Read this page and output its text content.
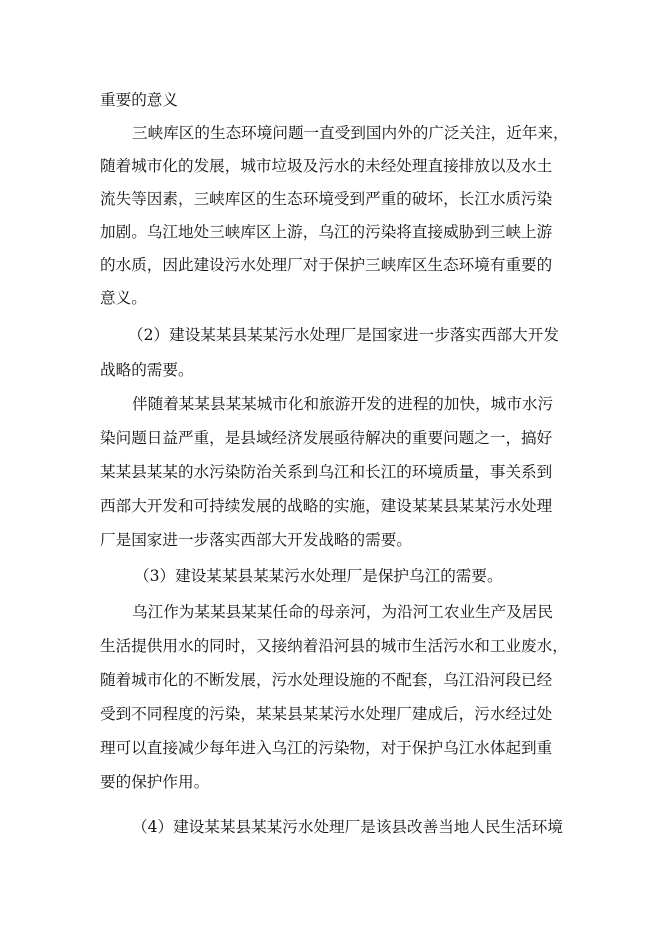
重要的意义
三峡库区的生态环境问题一直受到国内外的广泛关注，近年来，
随着城市化的发展，城市垃圾及污水的未经处理直接排放以及水土
流失等因素，三峡库区的生态环境受到严重的破坏，长江水质污染
加剧。乌江地处三峡库区上游，乌江的污染将直接威胁到三峡上游
的水质，因此建设污水处理厂对于保护三峡库区生态环境有重要的
意义。
（2）建设某某县某某污水处理厂是国家进一步落实西部大开发
战略的需要。
伴随着某某县某某城市化和旅游开发的进程的加快，城市水污
染问题日益严重，是县域经济发展亟待解决的重要问题之一，搞好
某某县某某的水污染防治关系到乌江和长江的环境质量，事关系到
西部大开发和可持续发展的战略的实施，建设某某县某某污水处理
厂是国家进一步落实西部大开发战略的需要。
（3）建设某某县某某污水处理厂是保护乌江的需要。
乌江作为某某县某某任命的母亲河，为沿河工农业生产及居民
生活提供用水的同时，又接纳着沿河县的城市生活污水和工业废水，
随着城市化的不断发展，污水处理设施的不配套，乌江沿河段已经
受到不同程度的污染，某某县某某污水处理厂建成后，污水经过处
理可以直接减少每年进入乌江的污染物，对于保护乌江水体起到重
要的保护作用。
（4）建设某某县某某污水处理厂是该县改善当地人民生活环境
